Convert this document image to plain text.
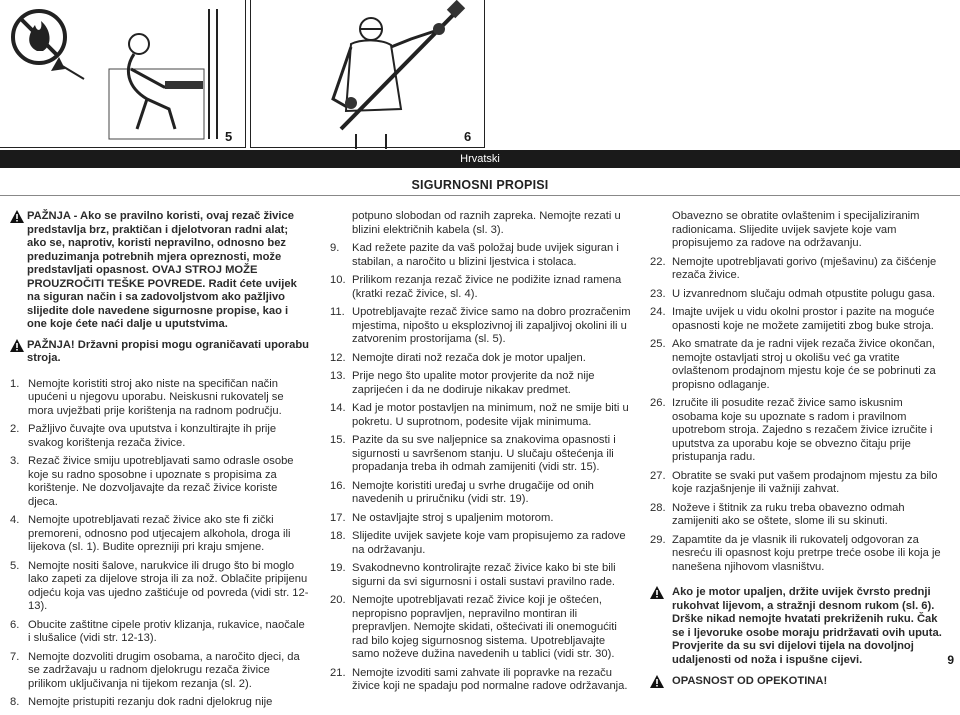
5	6
Hrvatski
SIGURNOSNI PROPISI
PAŽNJA - Ako se pravilno koristi, ovaj rezač živice predstavlja brz, praktičan i djelotvoran radni alat; ako se, naprotiv, koristi nepravilno, odnosno bez preduzimanja potrebnih mjera opreznosti, može predstavljati opasnost. OVAJ STROJ MOŽE PROUZROČITI TEŠKE POVREDE. Radit ćete uvijek na siguran način i sa zadovoljstvom ako pažljivo slijedite dole navedene sigurnosne propise, kao i one koje ćete naći dalje u uputstvima.
PAŽNJA! Državni propisi mogu ograničavati uporabu stroja.
1. Nemojte koristiti stroj ako niste na specifičan način upućeni u njegovu uporabu. Neiskusni rukovatelj se mora uvježbati prije korištenja na radnom području.
2. Pažljivo čuvajte ova uputstva i konzultirajte ih prije svakog korištenja rezača živice.
3. Rezač živice smiju upotrebljavati samo odrasle osobe koje su radno sposobne i upoznate s propisima za korištenje. Ne dozvoljavajte da rezač živice koriste djeca.
4. Nemojte upotrebljavati rezač živice ako ste fi zički premoreni, odnosno pod utjecajem alkohola, droga ili lijekova (sl. 1). Budite oprezniji pri kraju smjene.
5. Nemojte nositi šalove, narukvice ili drugo što bi moglo lako zapeti za dijelove stroja ili za nož. Oblačite pripijenu odjeću koja vas ujedno zaštićuje od povreda (vidi str. 12-13).
6. Obucite zaštitne cipele protiv klizanja, rukavice, naočale i slušalice (vidi str. 12-13).
7. Nemojte dozvoliti drugim osobama, a naročito djeci, da se zadržavaju u radnom djelokrugu rezača živice prilikom uključivanja ni tijekom rezanja (sl. 2).
8. Nemojte pristupiti rezanju dok radni djelokrug nije

potpuno slobodan od raznih zapreka. Nemojte rezati u blizini električnih kabela (sl. 3).

9. Kad režete pazite da vaš položaj bude uvijek siguran i stabilan, a naročito u blizini ljestvica i stolaca.
10. Prilikom rezanja rezač živice ne podižite iznad ramena (kratki rezač živice, sl. 4).
11. Upotrebljavajte rezač živice samo na dobro prozračenim mjestima, nipošto u eksplozivnoj ili zapaljivoj okolini ili u zatvorenim prostorijama (sl. 5).
12. Nemojte dirati nož rezača dok je motor upaljen.
13. Prije nego što upalite motor provjerite da nož nije zaprijećen i da ne dodiruje nikakav predmet.
14. Kad je motor postavljen na minimum, nož ne smije biti u pokretu. U suprotnom, podesite vijak minimuma.
15. Pazite da su sve naljepnice sa znakovima opasnosti i sigurnosti u savršenom stanju. U slučaju oštećenja ili propadanja treba ih odmah zamijeniti (vidi str. 15).
16. Nemojte koristiti uređaj u svrhe drugačije od onih navedenih u priručniku (vidi str. 19).
17. Ne ostavljajte stroj s upaljenim motorom.
18. Slijedite uvijek savjete koje vam propisujemo za radove na održavanju.
19. Svakodnevno kontrolirajte rezač živice kako bi ste bili sigurni da svi sigurnosni i ostali sustavi pravilno rade.
20. Nemojte upotrebljavati rezač živice koji je oštećen, nepropisno popravljen, nepravilno montiran ili prepravljen. Nemojte skidati, oštećivati ili onemogućiti rad bilo kojeg sigurnosnog sistema. Upotrebljavajte samo noževe dužina navedenih u tablici (vidi str. 30).
21. Nemojte izvoditi sami zahvate ili popravke na rezaču živice koji ne spadaju pod normalne radove održavanja.

Obavezno se obratite ovlaštenim i specijaliziranim radionicama. Slijedite uvijek savjete koje vam propisujemo za radove na održavanju.

22. Nemojte upotrebljavati gorivo (mješavinu) za čišćenje rezača živice.
23. U izvanrednom slučaju odmah otpustite polugu gasa.
24. Imajte uvijek u vidu okolni prostor i pazite na moguće opasnosti koje ne možete zamijetiti zbog buke stroja.
25. Ako smatrate da je radni vijek rezača živice okončan, nemojte ostavljati stroj u okolišu već ga vratite ovlaštenom prodajnom mjestu koje će se pobrinuti za propisno odlaganje.
26. Izručite ili posudite rezač živice samo iskusnim osobama koje su upoznate s radom i pravilnom upotrebom stroja. Zajedno s rezačem živice izručite i uputstva za uporabu koje se obvezno čitaju prije pristupanja radu.
27. Obratite se svaki put vašem prodajnom mjestu za bilo koje razjašnjenje ili važniji zahvat.
28. Noževe i štitnik za ruku treba obavezno odmah zamijeniti ako se oštete, slome ili su skinuti.
29. Zapamtite da je vlasnik ili rukovatelj odgovoran za nesreću ili opasnost koju pretrpe treće osobe ili koja je nanešena njihovom vlasništvu.
Ako je motor upaljen, držite uvijek čvrsto prednji rukohvat lijevom, a stražnji desnom rukom (sl. 6). Drške nikad nemojte hvatati prekriženih ruku. Čak se i ljevoruke osobe moraju pridržavati ovih uputa. Provjerite da su svi dijelovi tijela na dovoljnoj udaljenosti od noža i ispušne cijevi.
OPASNOST OD OPEKOTINA!
9
